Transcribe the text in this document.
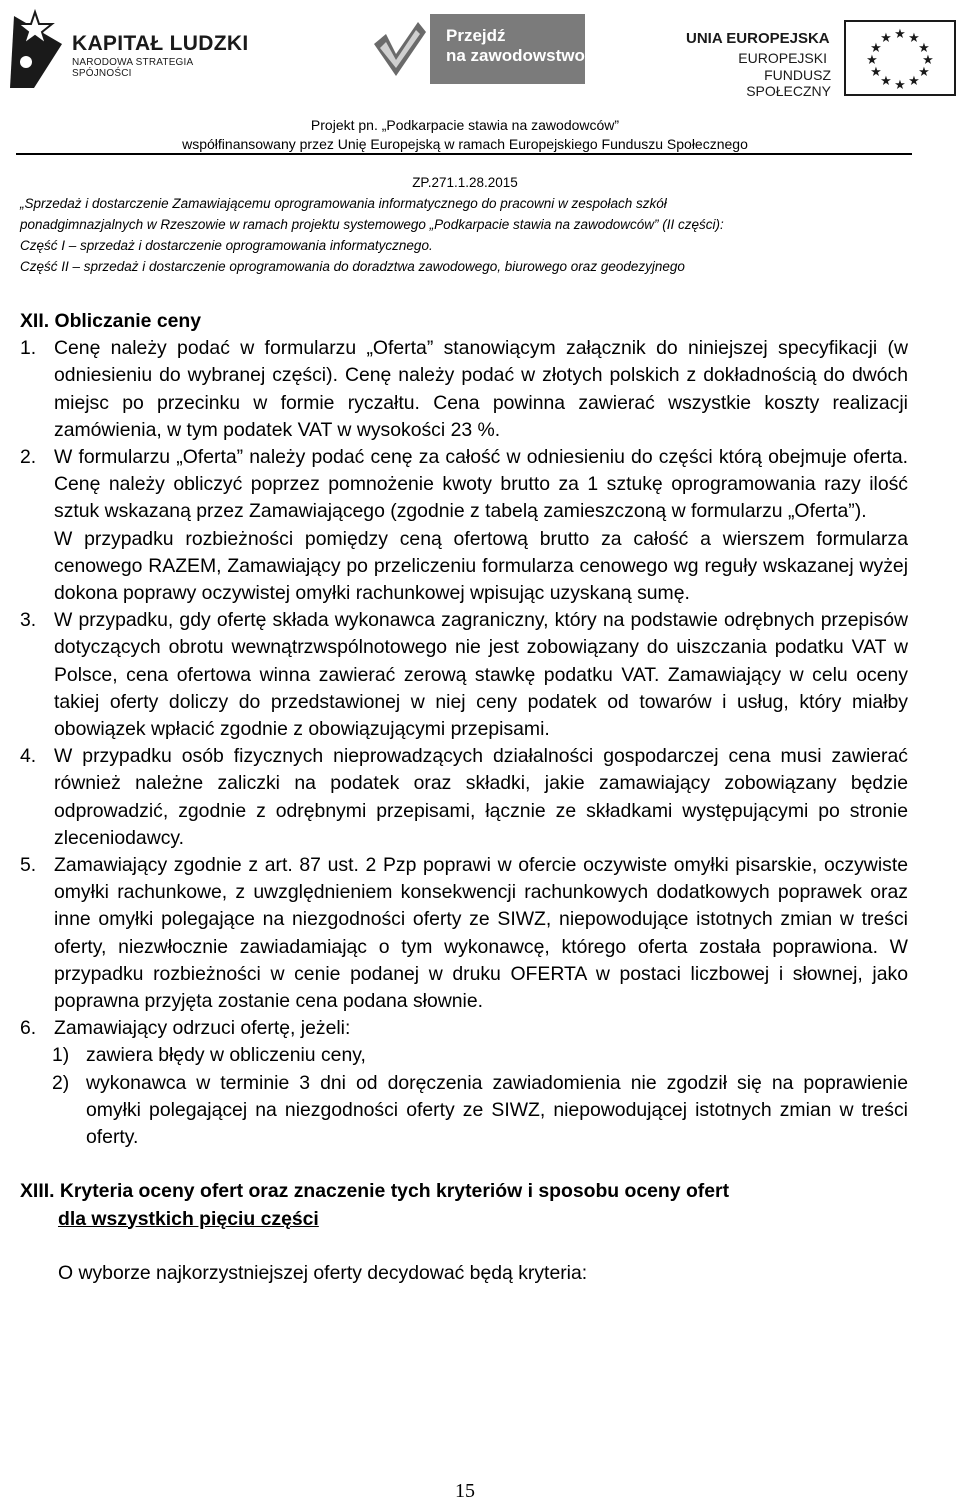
KAPITAŁ LUDZKI
NARODOWA STRATEGIA SPÓJNOŚCI
Przejdź
na zawodowstwo
UNIA EUROPEJSKA
EUROPEJSKI
FUNDUSZ SPOŁECZNY
★ ★
★
★
★
★
★
★
★
★
★
★
Projekt pn. „Podkarpacie stawia na zawodowców”
współfinansowany przez Unię Europejską w ramach Europejskiego Funduszu Społecznego
ZP.271.1.28.2015

„Sprzedaż i dostarczenie Zamawiającemu oprogramowania informatycznego do pracowni w zespołach szkół

ponadgimnazjalnych w Rzeszowie w ramach projektu systemowego „Podkarpacie stawia na zawodowców” (II części):

Część I – sprzedaż i dostarczenie oprogramowania informatycznego.

Część II – sprzedaż i dostarczenie oprogramowania do doradztwa zawodowego, biurowego oraz geodezyjnego

XII. Obliczanie ceny

1. Cenę należy podać w formularzu „Oferta” stanowiącym załącznik do niniejszej specyfikacji (w odniesieniu do wybranej części). Cenę należy podać w złotych polskich z dokładnością do dwóch miejsc po przecinku w formie ryczałtu. Cena powinna zawierać wszystkie koszty realizacji zamówienia, w tym podatek VAT w wysokości 23 %.

2. W formularzu „Oferta” należy podać cenę za całość w odniesieniu do części którą obejmuje oferta. Cenę należy obliczyć poprzez pomnożenie kwoty brutto za 1 sztukę oprogramowania razy ilość sztuk wskazaną przez Zamawiającego (zgodnie z tabelą zamieszczoną w formularzu „Oferta”).

W przypadku rozbieżności pomiędzy ceną ofertową brutto za całość a wierszem formularza cenowego RAZEM, Zamawiający po przeliczeniu formularza cenowego wg reguły wskazanej wyżej dokona poprawy oczywistej omyłki rachunkowej wpisując uzyskaną sumę.

3. W przypadku, gdy ofertę składa wykonawca zagraniczny, który na podstawie odrębnych przepisów dotyczących obrotu wewnątrzwspólnotowego nie jest zobowiązany do uiszczania podatku VAT w Polsce, cena ofertowa winna zawierać zerową stawkę podatku VAT. Zamawiający w celu oceny takiej oferty doliczy do przedstawionej w niej ceny podatek od towarów i usług, który miałby obowiązek wpłacić zgodnie z obowiązującymi przepisami.

4. W przypadku osób fizycznych nieprowadzących działalności gospodarczej cena musi zawierać również należne zaliczki na podatek oraz składki, jakie zamawiający zobowiązany będzie odprowadzić, zgodnie z odrębnymi przepisami, łącznie ze składkami występującymi po stronie zleceniodawcy.

5. Zamawiający zgodnie z art. 87 ust. 2 Pzp poprawi w ofercie oczywiste omyłki pisarskie, oczywiste omyłki rachunkowe, z uwzględnieniem konsekwencji rachunkowych dodatkowych poprawek oraz inne omyłki polegające na niezgodności oferty ze SIWZ, niepowodujące istotnych zmian w treści oferty, niezwłocznie zawiadamiając o tym wykonawcę, którego oferta została poprawiona. W przypadku rozbieżności w cenie podanej w druku OFERTA w postaci liczbowej i słownej, jako poprawna przyjęta zostanie cena podana słownie.

6. Zamawiający odrzuci ofertę, jeżeli:

1) zawiera błędy w obliczeniu ceny,

2) wykonawca w terminie 3 dni od doręczenia zawiadomienia nie zgodził się na poprawienie omyłki polegającej na niezgodności oferty ze SIWZ, niepowodującej istotnych zmian w treści oferty.

XIII. Kryteria oceny ofert oraz znaczenie tych kryteriów i sposobu oceny ofert
dla wszystkich pięciu części

O wyborze najkorzystniejszej oferty decydować będą kryteria:

15
